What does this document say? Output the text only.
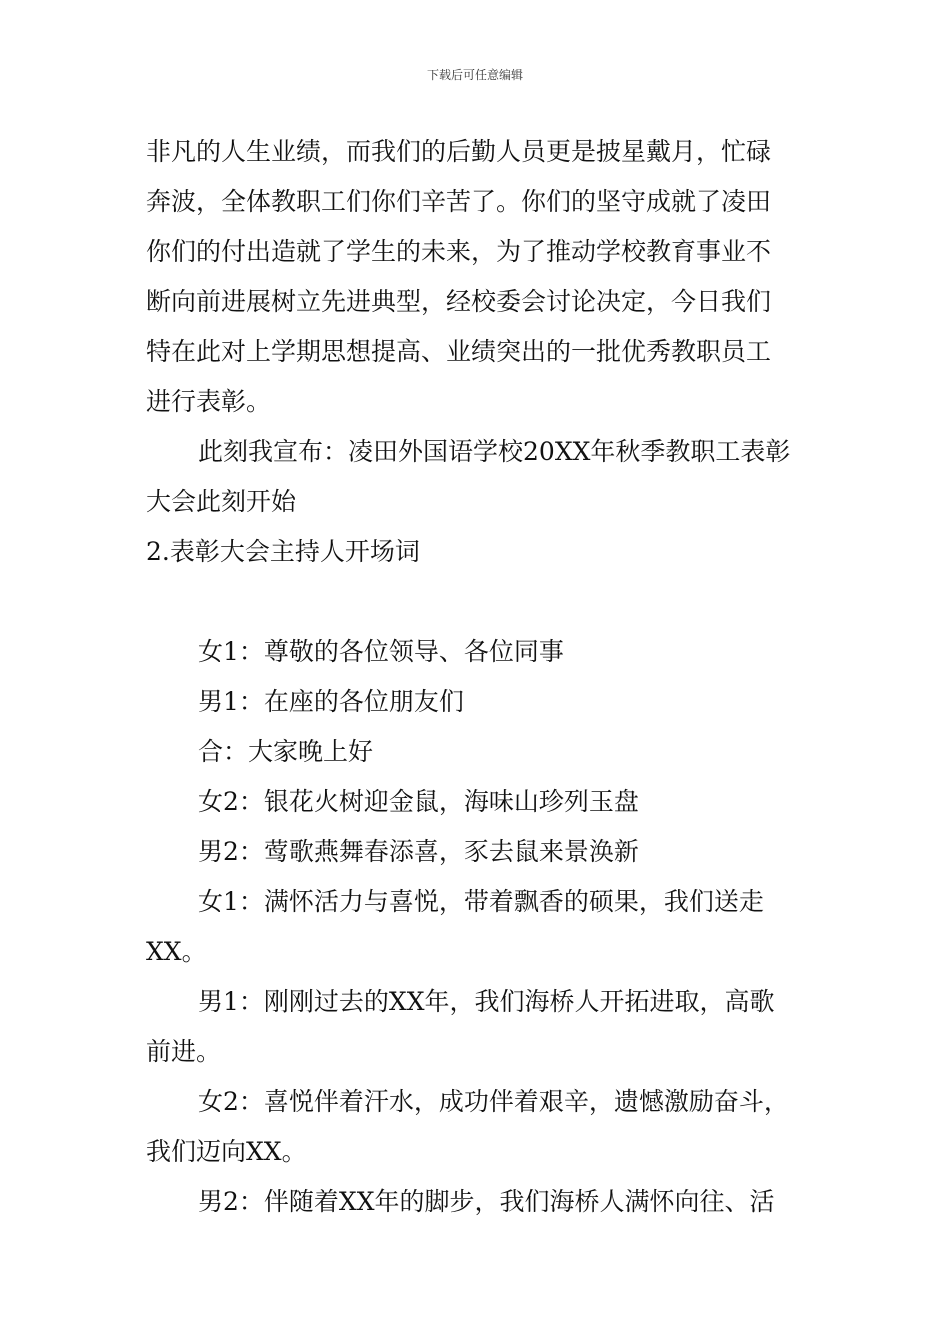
下载后可任意编辑
非凡的人生业绩，而我们的后勤人员更是披星戴月，忙碌
奔波，全体教职工们你们辛苦了。你们的坚守成就了凌田
你们的付出造就了学生的未来，为了推动学校教育事业不
断向前进展树立先进典型，经校委会讨论决定，今日我们
特在此对上学期思想提高、业绩突出的一批优秀教职员工
进行表彰。
此刻我宣布：凌田外国语学校20XX年秋季教职工表彰
大会此刻开始
2.表彰大会主持人开场词
女1：尊敬的各位领导、各位同事
男1：在座的各位朋友们
合：大家晚上好
女2：银花火树迎金鼠，海味山珍列玉盘
男2：莺歌燕舞春添喜，豕去鼠来景涣新
女1：满怀活力与喜悦，带着飘香的硕果，我们送走
XX。
男1：刚刚过去的XX年，我们海桥人开拓进取，高歌
前进。
女2：喜悦伴着汗水，成功伴着艰辛，遗憾激励奋斗，
我们迈向XX。
男2：伴随着XX年的脚步，我们海桥人满怀向往、活
